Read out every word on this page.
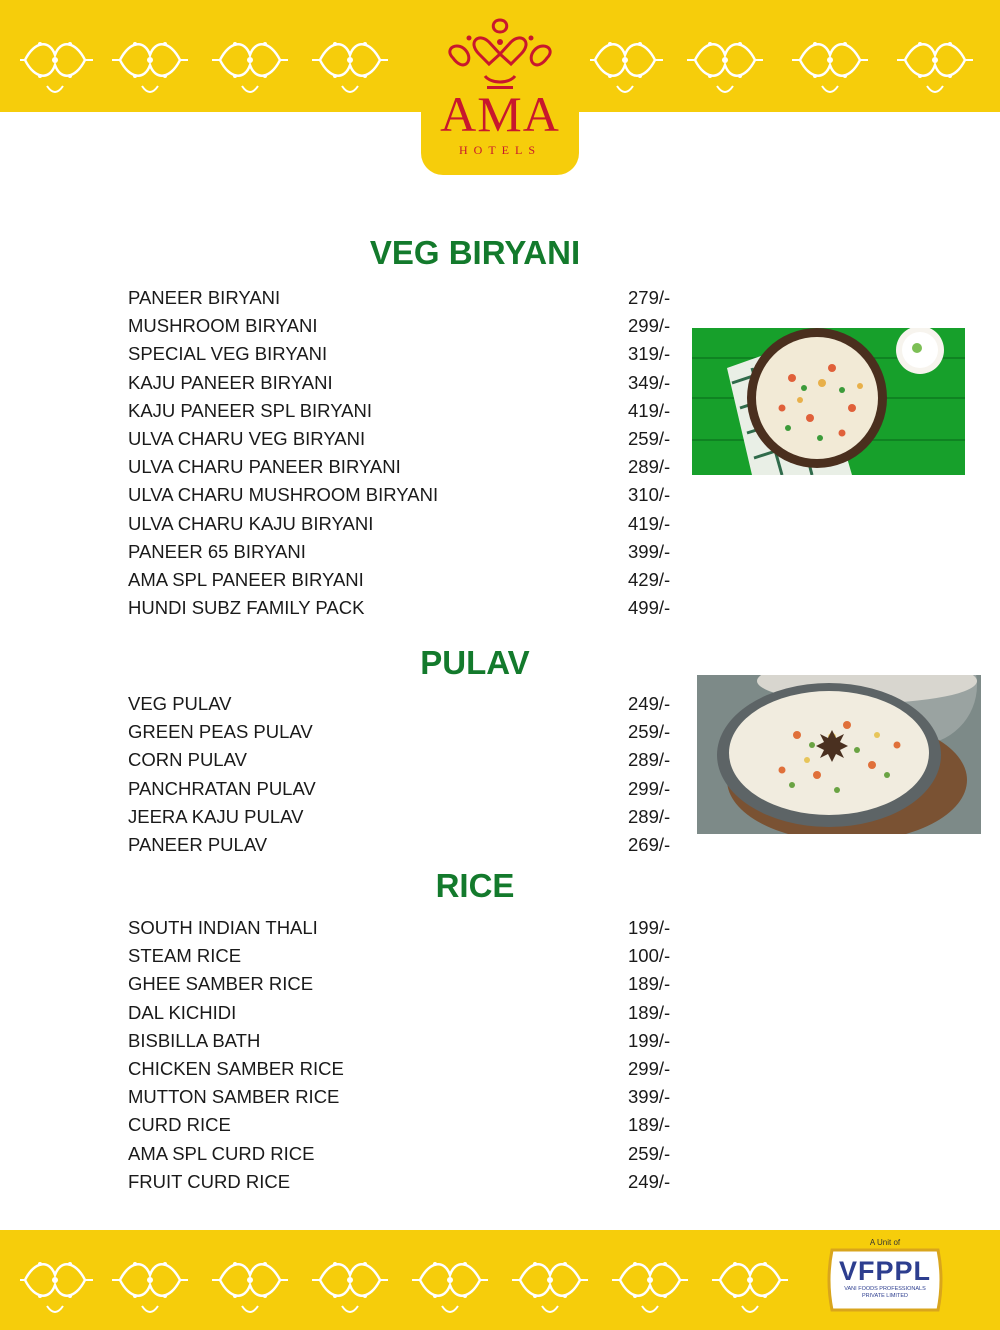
AMA
HOTELS
VEG BIRYANI
PANEER BIRYANI	279/-
MUSHROOM BIRYANI	299/-
SPECIAL VEG BIRYANI	319/-
KAJU PANEER BIRYANI	349/-
KAJU PANEER SPL BIRYANI	419/-
ULVA CHARU VEG BIRYANI	259/-
ULVA CHARU PANEER BIRYANI	289/-
ULVA CHARU MUSHROOM BIRYANI	310/-
ULVA CHARU KAJU BIRYANI	419/-
PANEER 65 BIRYANI	399/-
AMA SPL PANEER BIRYANI	429/-
HUNDI SUBZ FAMILY PACK	499/-
PULAV
VEG PULAV	249/-
GREEN PEAS PULAV	259/-
CORN PULAV	289/-
PANCHRATAN PULAV	299/-
JEERA KAJU PULAV	289/-
PANEER PULAV	269/-
RICE
SOUTH INDIAN THALI	199/-
STEAM RICE	100/-
GHEE SAMBER RICE	189/-
DAL KICHIDI	189/-
BISBILLA BATH	199/-
CHICKEN SAMBER RICE	299/-
MUTTON SAMBER RICE	399/-
CURD RICE	189/-
AMA SPL CURD RICE	259/-
FRUIT CURD RICE	249/-
A Unit of
VFPPL
VANI FOODS PROFESSIONALS
PRIVATE LIMITED
